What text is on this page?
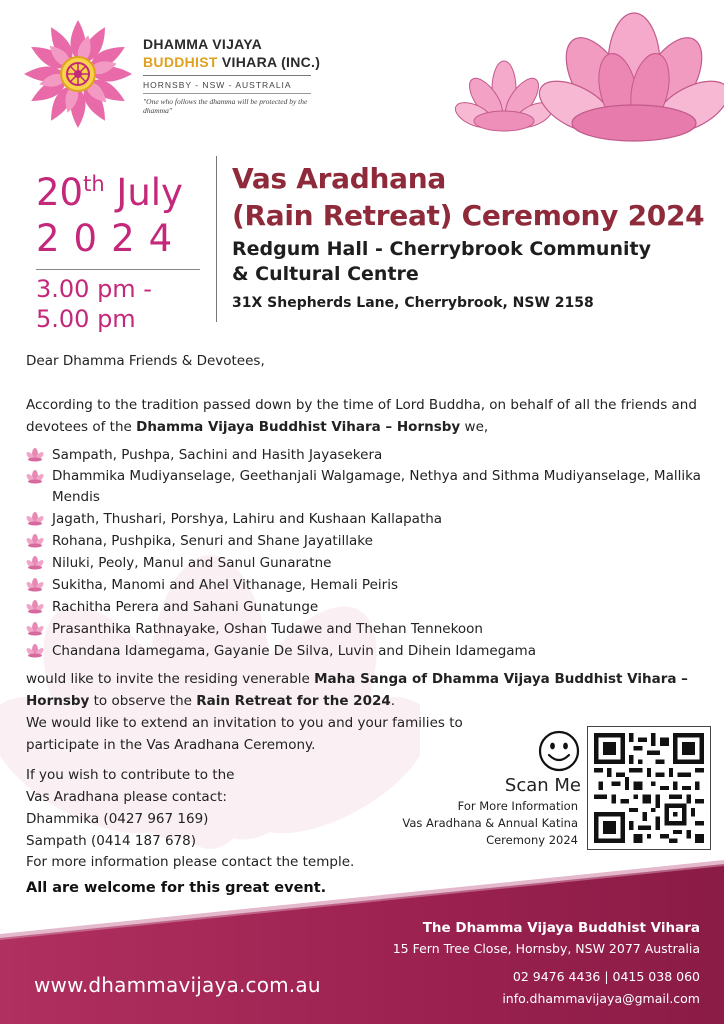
DHAMMA VIJAYA
BUDDHIST VIHARA (INC.)
HORNSBY - NSW - AUSTRALIA
"One who follows the dhamma will be protected by the dhamma"
20th July
2024
3.00 pm -
5.00 pm
Vas Aradhana
(Rain Retreat) Ceremony 2024
Redgum Hall - Cherrybrook Community
& Cultural Centre
31X Shepherds Lane, Cherrybrook, NSW 2158

Dear Dhamma Friends & Devotees,

According to the tradition passed down by the time of Lord Buddha, on behalf of all the friends and devotees of the Dhamma Vijaya Buddhist Vihara – Hornsby we,

Sampath, Pushpa, Sachini and Hasith Jayasekera
Dhammika Mudiyanselage, Geethanjali Walgamage, Nethya and Sithma Mudiyanselage, Mallika Mendis
Jagath, Thushari, Porshya, Lahiru and Kushaan Kallapatha
Rohana, Pushpika, Senuri and Shane Jayatillake
Niluki, Peoly, Manul and Sanul Gunaratne
Sukitha, Manomi and Ahel Vithanage, Hemali Peiris
Rachitha Perera and Sahani Gunatunge
Prasanthika Rathnayake, Oshan Tudawe and Thehan Tennekoon
Chandana Idamegama, Gayanie De Silva, Luvin and Dihein Idamegama

would like to invite the residing venerable Maha Sanga of Dhamma Vijaya Buddhist Vihara – Hornsby to observe the Rain Retreat for the 2024.

We would like to extend an invitation to you and your families to

participate in the Vas Aradhana Ceremony.

If you wish to contribute to the

Vas Aradhana please contact:

Dhammika (0427 967 169)

Sampath (0414 187 678)

For more information please contact the temple.
All are welcome for this great event.
Scan Me
For More Information
Vas Aradhana & Annual Katina
Ceremony 2024
The Dhamma Vijaya Buddhist Vihara
15 Fern Tree Close, Hornsby, NSW 2077 Australia
02 9476 4436 | 0415 038 060
info.dhammavijaya@gmail.com
www.dhammavijaya.com.au
